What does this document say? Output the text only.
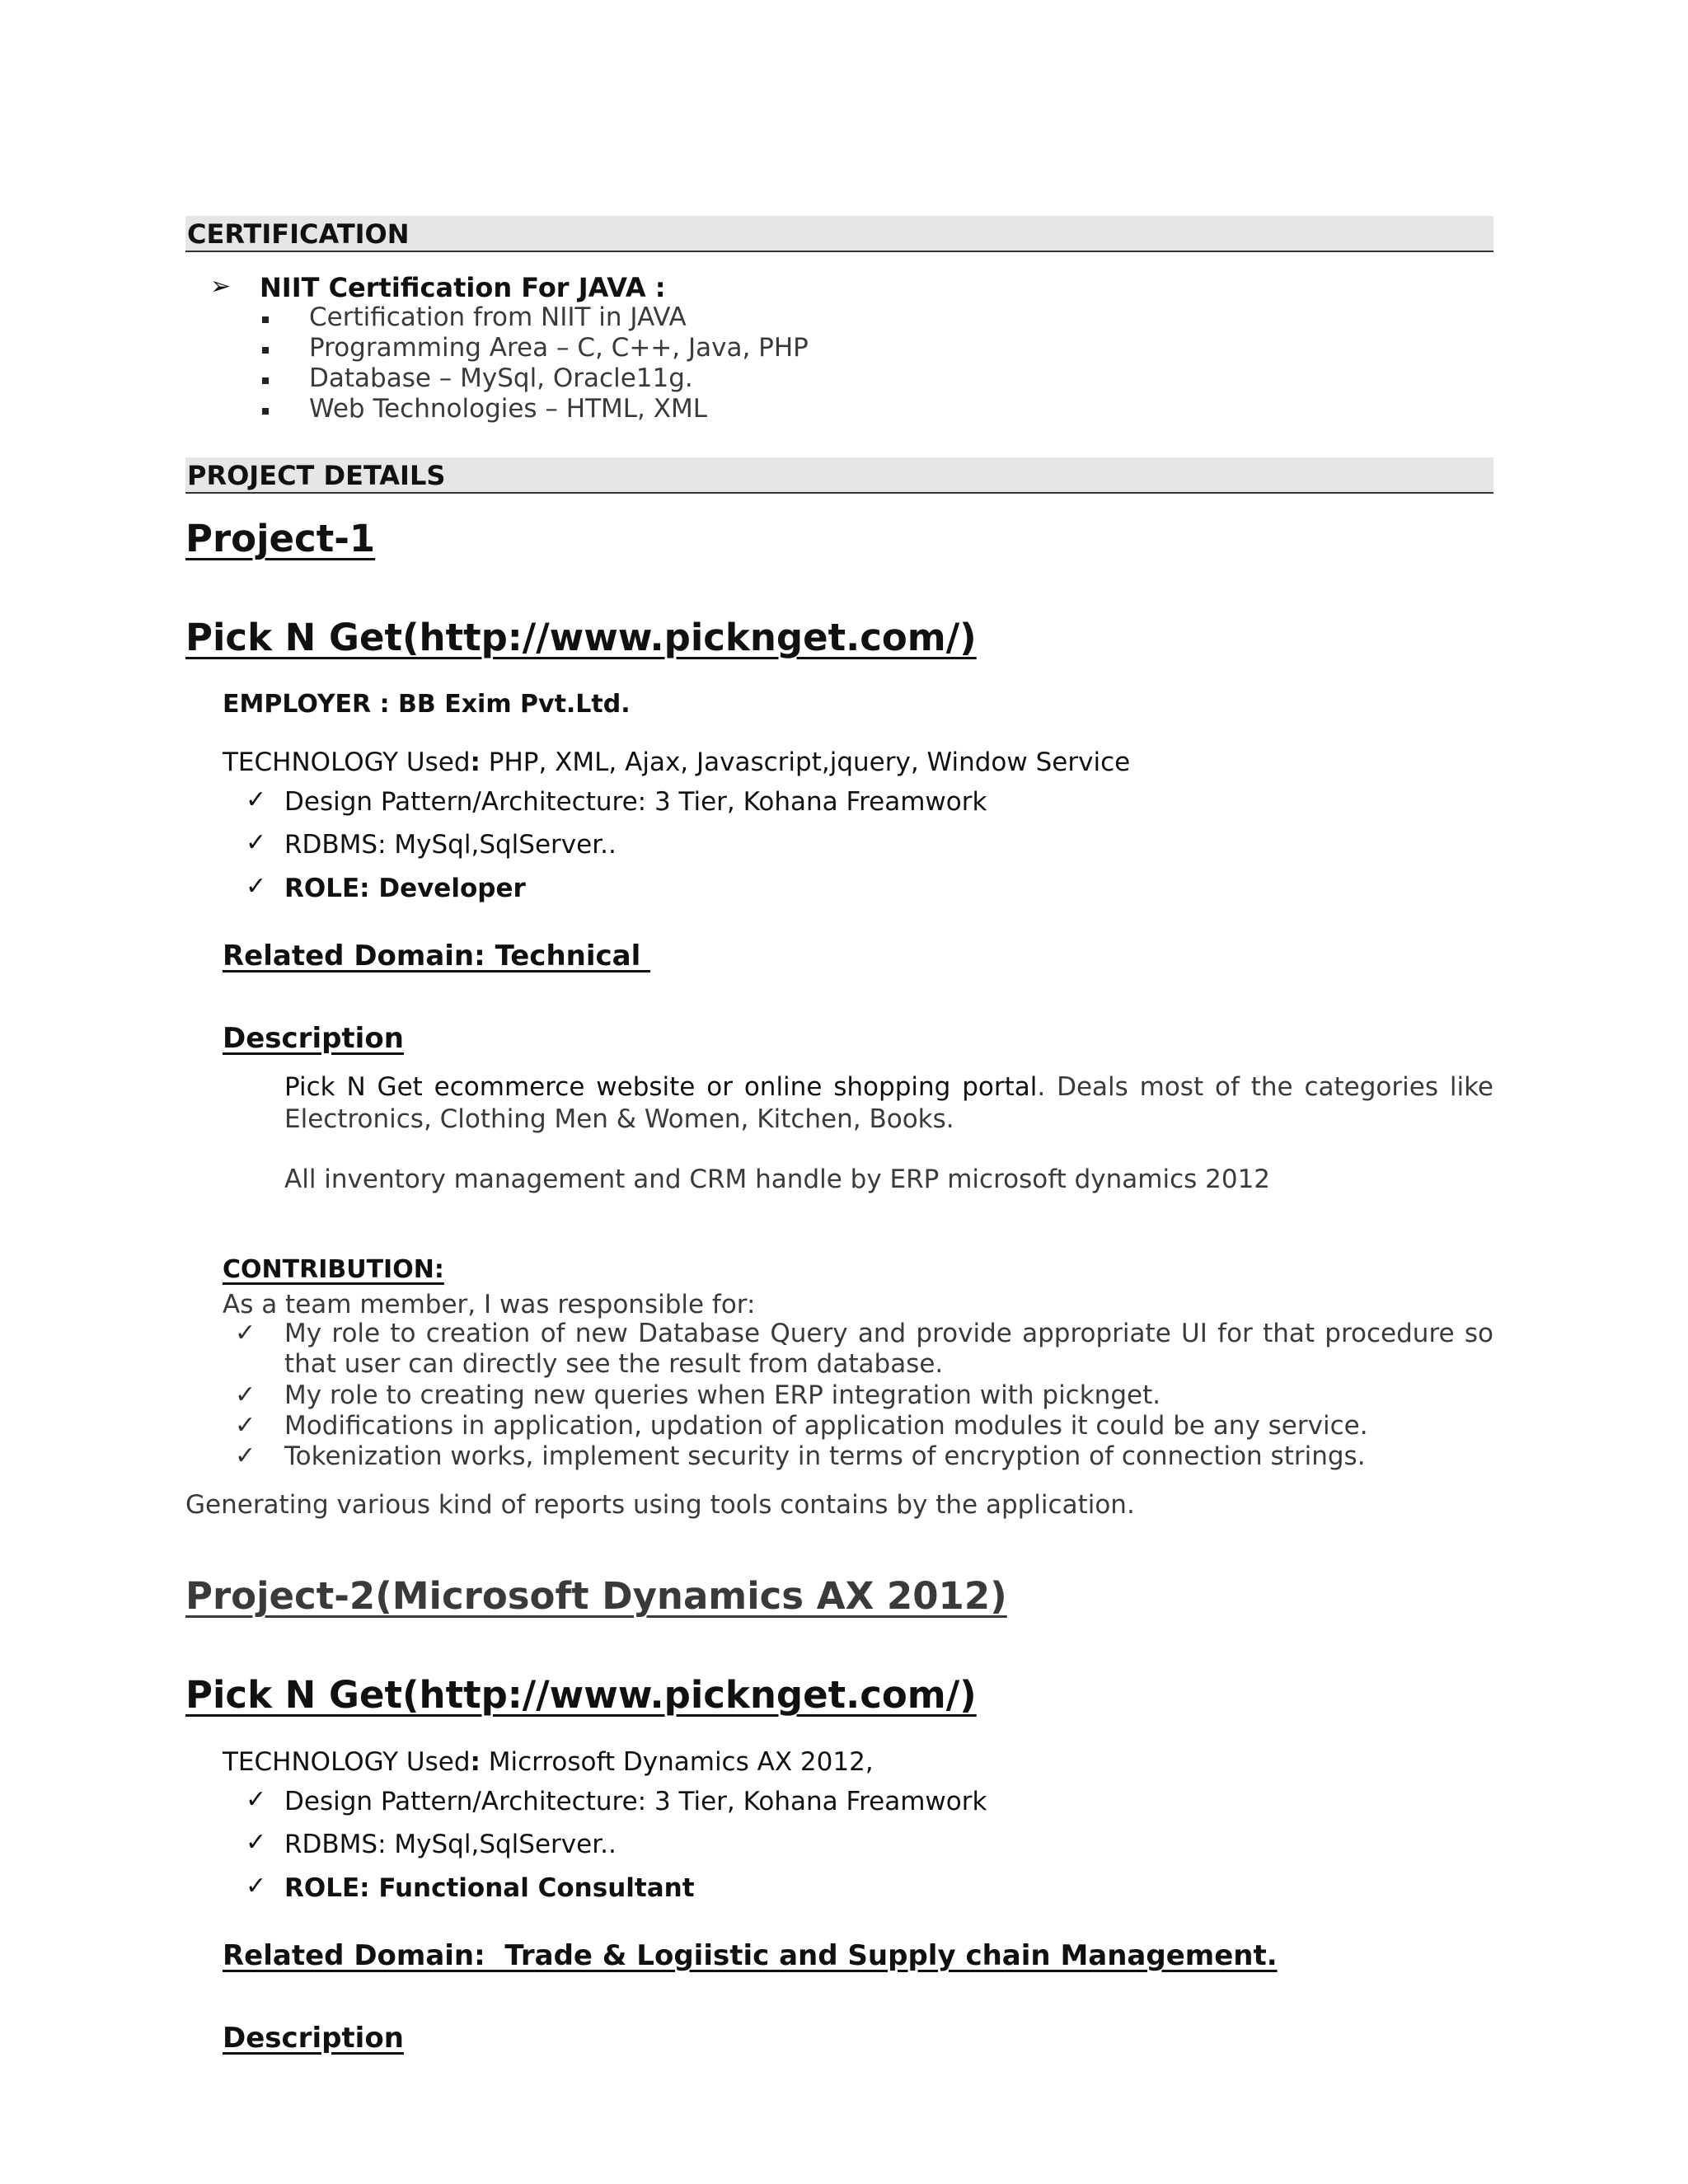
CERTIFICATION
➢ NIIT Certification For JAVA :
Certification from NIIT in JAVA
Programming Area – C, C++, Java, PHP
Database – MySql, Oracle11g.
Web Technologies – HTML, XML
PROJECT DETAILS
Project-1
Pick N Get(http://www.picknget.com/)
EMPLOYER : BB Exim Pvt.Ltd.
TECHNOLOGY Used: PHP, XML, Ajax, Javascript,jquery, Window Service
✓ Design Pattern/Architecture: 3 Tier, Kohana Freamwork
✓ RDBMS: MySql,SqlServer..
✓ ROLE: Developer
Related Domain: Technical
Description
Pick N Get ecommerce website or online shopping portal. Deals most of the categories like Electronics, Clothing Men & Women, Kitchen, Books.
All inventory management and CRM handle by ERP microsoft dynamics 2012
CONTRIBUTION:
As a team member, I was responsible for:
✓ My role to creation of new Database Query and provide appropriate UI for that procedure so that user can directly see the result from database.
✓ My role to creating new queries when ERP integration with picknget.
✓ Modifications in application, updation of application modules it could be any service.
✓ Tokenization works, implement security in terms of encryption of connection strings.
Generating various kind of reports using tools contains by the application.
Project-2(Microsoft Dynamics AX 2012)
Pick N Get(http://www.picknget.com/)
TECHNOLOGY Used: Micrrosoft Dynamics AX 2012,
✓ Design Pattern/Architecture: 3 Tier, Kohana Freamwork
✓ RDBMS: MySql,SqlServer..
✓ ROLE: Functional Consultant
Related Domain:  Trade & Logiistic and Supply chain Management.
Description
